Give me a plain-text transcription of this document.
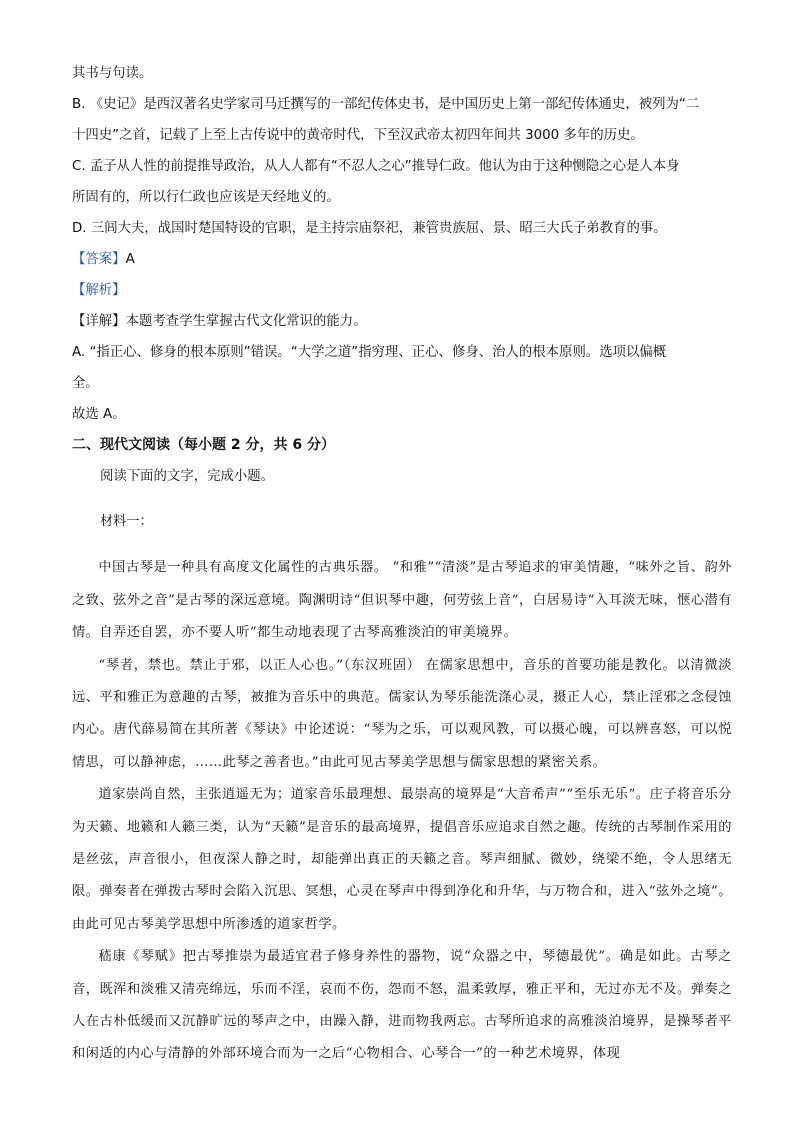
其书与句读。

B. 《史记》是西汉著名史学家司马迁撰写的一部纪传体史书，是中国历史上第一部纪传体通史，被列为“二

十四史”之首，记载了上至上古传说中的黄帝时代，下至汉武帝太初四年间共 3000 多年的历史。

C. 孟子从人性的前提推导政治，从人人都有“不忍人之心”推导仁政。他认为由于这种恻隐之心是人本身

所固有的，所以行仁政也应该是天经地义的。

D. 三闾大夫，战国时楚国特设的官职，是主持宗庙祭祀，兼管贵族屈、景、昭三大氏子弟教育的事。

【答案】A

【解析】

【详解】本题考查学生掌握古代文化常识的能力。

A. “指正心、修身的根本原则”错误。“大学之道”指穷理、正心、修身、治人的根本原则。选项以偏概

全。

故选 A。

二、现代文阅读（每小题 2 分，共 6 分）

阅读下面的文字，完成小题。

材料一：

中国古琴是一种具有高度文化属性的古典乐器。 “和雅”“清淡”是古琴追求的审美情趣，“味外之旨、韵外之致、弦外之音”是古琴的深远意境。陶渊明诗“但识琴中趣，何劳弦上音”，白居易诗“入耳淡无味，惬心潜有情。自弄还自罢，亦不要人听”都生动地表现了古琴高雅淡泊的审美境界。

“琴者，禁也。禁止于邪，以正人心也。”（东汉班固） 在儒家思想中，音乐的首要功能是教化。以清微淡远、平和雅正为意趣的古琴，被推为音乐中的典范。儒家认为琴乐能洗涤心灵，摄正人心，禁止淫邪之念侵蚀内心。唐代薛易简在其所著《琴诀》中论述说：“琴为之乐，可以观风教，可以摄心魄，可以辨喜怒，可以悦情思，可以静神虑，……此琴之善者也。”由此可见古琴美学思想与儒家思想的紧密关系。

道家崇尚自然，主张逍遥无为；道家音乐最理想、最崇高的境界是“大音希声”“至乐无乐”。庄子将音乐分为天籁、地籁和人籁三类，认为“天籁”是音乐的最高境界，提倡音乐应追求自然之趣。传统的古琴制作采用的是丝弦，声音很小，但夜深人静之时，却能弹出真正的天籁之音。琴声细腻、微妙，绕梁不绝，令人思绪无限。弹奏者在弹拨古琴时会陷入沉思、冥想，心灵在琴声中得到净化和升华，与万物合和，进入“弦外之境”。由此可见古琴美学思想中所渗透的道家哲学。

嵇康《琴赋》把古琴推崇为最适宜君子修身养性的器物，说“众器之中，琴德最优”。确是如此。古琴之音，既浑和淡雅又清亮绵远，乐而不淫，哀而不伤，怨而不怒，温柔敦厚，雅正平和，无过亦无不及。弹奏之人在古朴低缓而又沉静旷远的琴声之中，由躁入静，进而物我两忘。古琴所追求的高雅淡泊境界，是操琴者平和闲适的内心与清静的外部环境合而为一之后“心物相合、心琴合一”的一种艺术境界，体现
